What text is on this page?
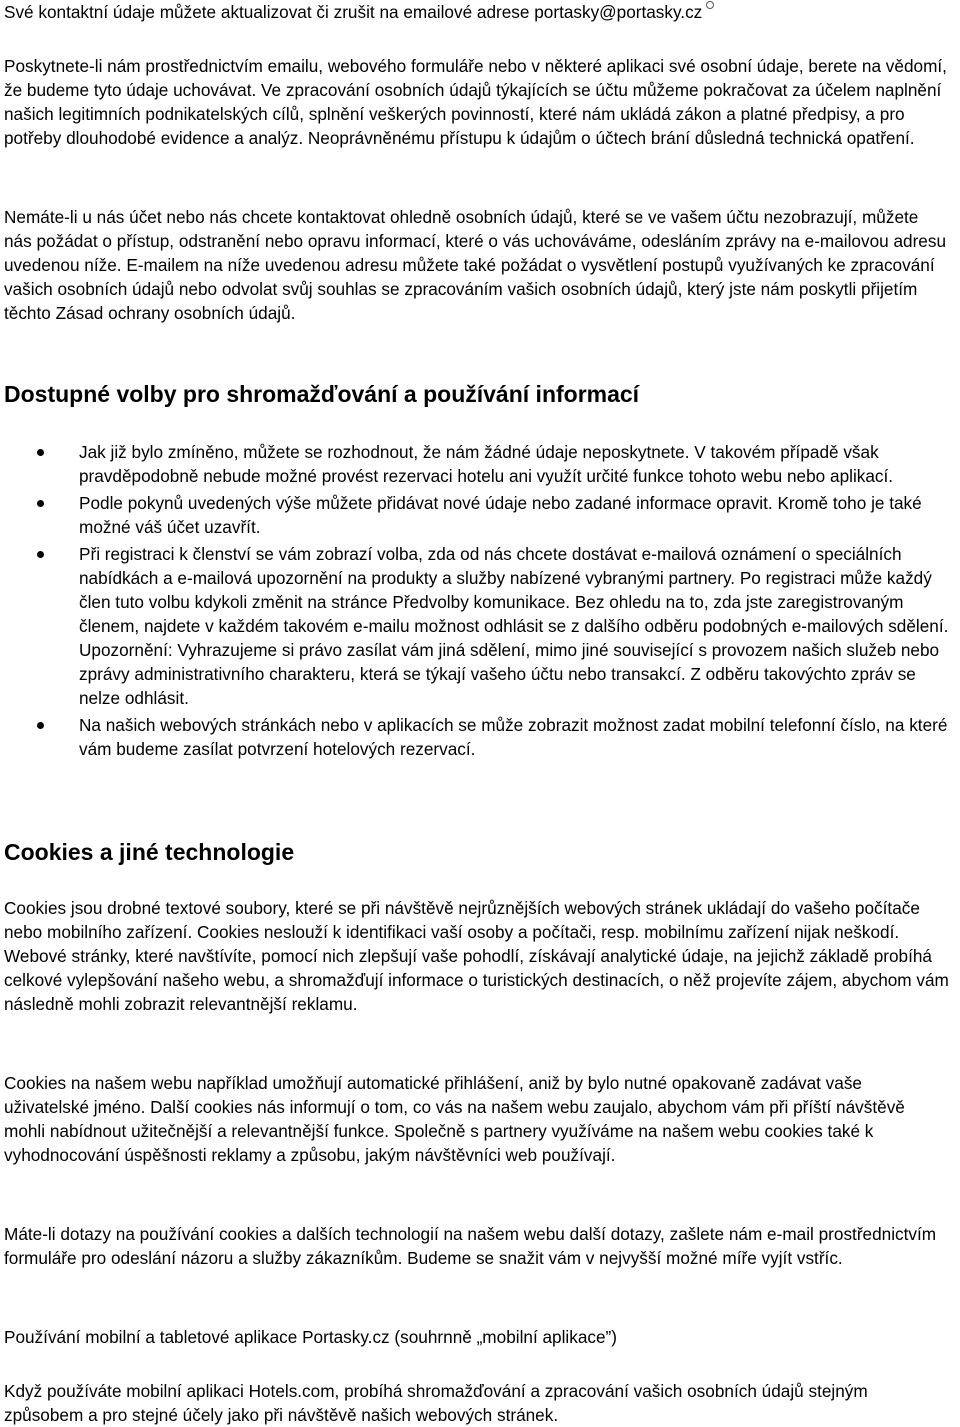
Své kontaktní údaje můžete aktualizovat či zrušit na emailové adrese portasky@portasky.cz

Poskytnete-li nám prostřednictvím emailu, webového formuláře nebo v některé aplikaci své osobní údaje, berete na vědomí, že budeme tyto údaje uchovávat. Ve zpracování osobních údajů týkajících se účtu můžeme pokračovat za účelem naplnění našich legitimních podnikatelských cílů, splnění veškerých povinností, které nám ukládá zákon a platné předpisy, a pro potřeby dlouhodobé evidence a analýz. Neoprávněnému přístupu k údajům o účtech brání důsledná technická opatření.

Nemáte-li u nás účet nebo nás chcete kontaktovat ohledně osobních údajů, které se ve vašem účtu nezobrazují, můžete nás požádat o přístup, odstranění nebo opravu informací, které o vás uchováváme, odesláním zprávy na e-mailovou adresu uvedenou níže. E-mailem na níže uvedenou adresu můžete také požádat o vysvětlení postupů využívaných ke zpracování vašich osobních údajů nebo odvolat svůj souhlas se zpracováním vašich osobních údajů, který jste nám poskytli přijetím těchto Zásad ochrany osobních údajů.

Dostupné volby pro shromažďování a používání informací
Jak již bylo zmíněno, můžete se rozhodnout, že nám žádné údaje neposkytnete. V takovém případě však pravděpodobně nebude možné provést rezervaci hotelu ani využít určité funkce tohoto webu nebo aplikací.
Podle pokynů uvedených výše můžete přidávat nové údaje nebo zadané informace opravit. Kromě toho je také možné váš účet uzavřít.
Při registraci k členství se vám zobrazí volba, zda od nás chcete dostávat e-mailová oznámení o speciálních nabídkách a e-mailová upozornění na produkty a služby nabízené vybranými partnery. Po registraci může každý člen tuto volbu kdykoli změnit na stránce Předvolby komunikace. Bez ohledu na to, zda jste zaregistrovaným členem, najdete v každém takovém e-mailu možnost odhlásit se z dalšího odběru podobných e-mailových sdělení. Upozornění: Vyhrazujeme si právo zasílat vám jiná sdělení, mimo jiné související s provozem našich služeb nebo zprávy administrativního charakteru, která se týkají vašeho účtu nebo transakcí. Z odběru takovýchto zpráv se nelze odhlásit.
Na našich webových stránkách nebo v aplikacích se může zobrazit možnost zadat mobilní telefonní číslo, na které vám budeme zasílat potvrzení hotelových rezervací.
Cookies a jiné technologie

Cookies jsou drobné textové soubory, které se při návštěvě nejrůznějších webových stránek ukládají do vašeho počítače nebo mobilního zařízení. Cookies neslouží k identifikaci vaší osoby a počítači, resp. mobilnímu zařízení nijak neškodí. Webové stránky, které navštívíte, pomocí nich zlepšují vaše pohodlí, získávají analytické údaje, na jejichž základě probíhá celkové vylepšování našeho webu, a shromažďují informace o turistických destinacích, o něž projevíte zájem, abychom vám následně mohli zobrazit relevantnější reklamu.

Cookies na našem webu například umožňují automatické přihlášení, aniž by bylo nutné opakovaně zadávat vaše uživatelské jméno. Další cookies nás informují o tom, co vás na našem webu zaujalo, abychom vám při příští návštěvě mohli nabídnout užitečnější a relevantnější funkce. Společně s partnery využíváme na našem webu cookies také k vyhodnocování úspěšnosti reklamy a způsobu, jakým návštěvníci web používají.

Máte-li dotazy na používání cookies a dalších technologií na našem webu další dotazy, zašlete nám e-mail prostřednictvím formuláře pro odeslání názoru a služby zákazníkům. Budeme se snažit vám v nejvyšší možné míře vyjít vstříc.

Používání mobilní a tabletové aplikace Portasky.cz (souhrnně „mobilní aplikace”)

Když používáte mobilní aplikaci Hotels.com, probíhá shromažďování a zpracování vašich osobních údajů stejným způsobem a pro stejné účely jako při návštěvě našich webových stránek.
